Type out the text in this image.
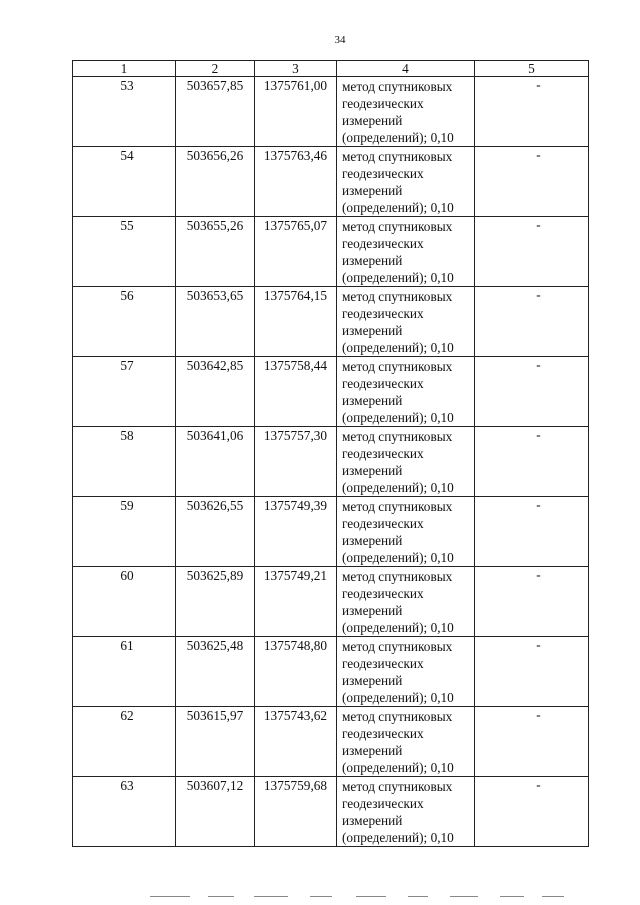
34
1	2	3	4	5

53	503657,85	1375761,00	метод спутниковых геодезических измерений (определений); 0,10	-

54	503656,26	1375763,46	метод спутниковых геодезических измерений (определений); 0,10	-

55	503655,26	1375765,07	метод спутниковых геодезических измерений (определений); 0,10	-

56	503653,65	1375764,15	метод спутниковых геодезических измерений (определений); 0,10	-

57	503642,85	1375758,44	метод спутниковых геодезических измерений (определений); 0,10	-

58	503641,06	1375757,30	метод спутниковых геодезических измерений (определений); 0,10	-

59	503626,55	1375749,39	метод спутниковых геодезических измерений (определений); 0,10	-

60	503625,89	1375749,21	метод спутниковых геодезических измерений (определений); 0,10	-

61	503625,48	1375748,80	метод спутниковых геодезических измерений (определений); 0,10	-

62	503615,97	1375743,62	метод спутниковых геодезических измерений (определений); 0,10	-

63	503607,12	1375759,68	метод спутниковых геодезических измерений (определений); 0,10	-
